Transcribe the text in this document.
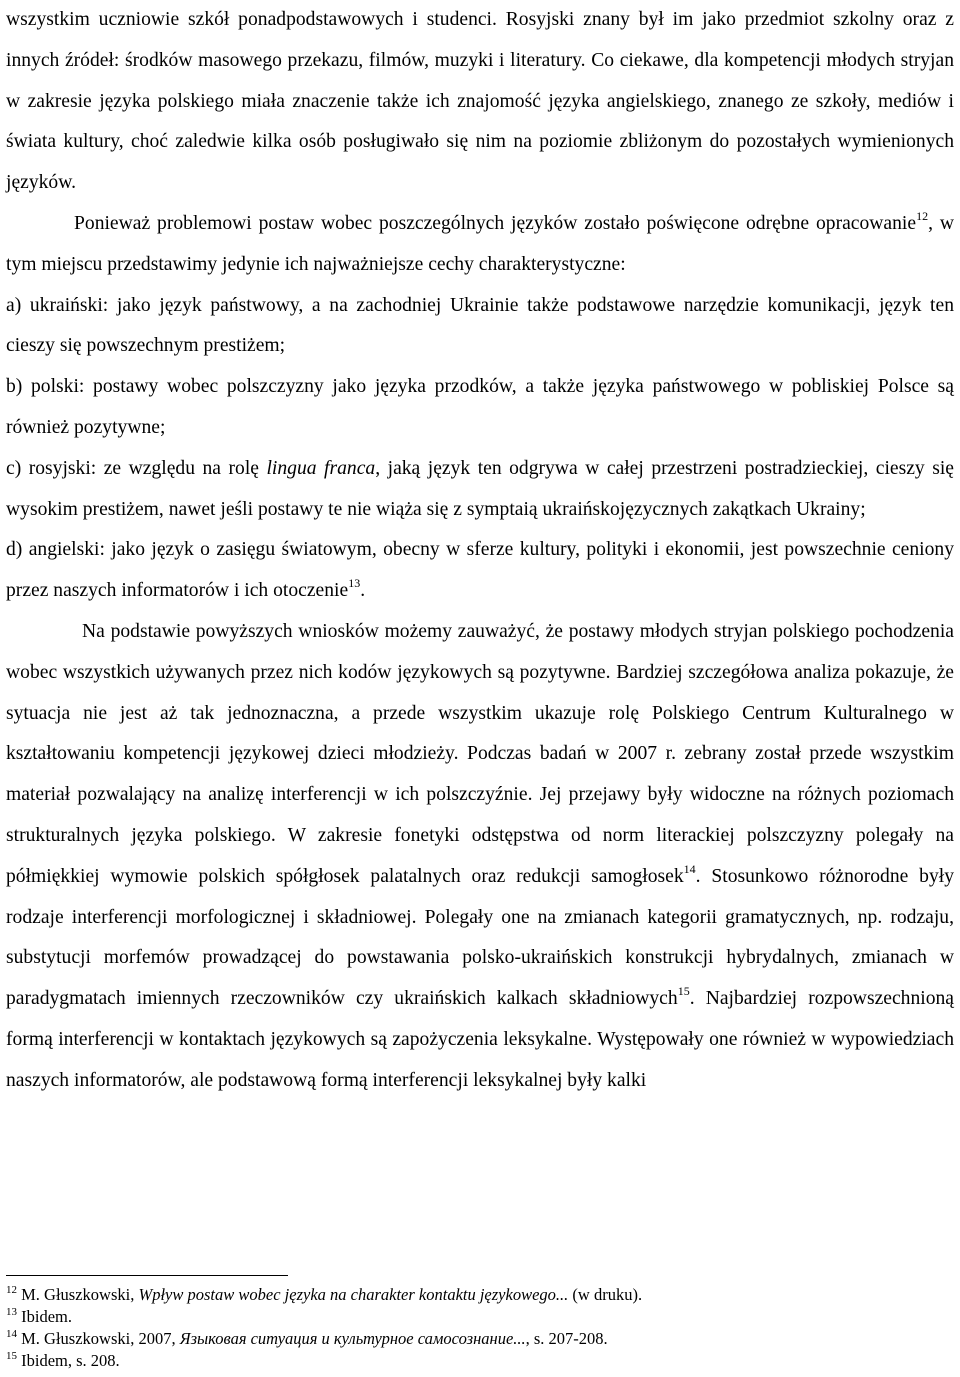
wszystkim uczniowie szkół ponadpodstawowych i studenci. Rosyjski znany był im jako przedmiot szkolny oraz z innych źródeł: środków masowego przekazu, filmów, muzyki i literatury. Co ciekawe, dla kompetencji młodych stryjan w zakresie języka polskiego miała znaczenie także ich znajomość języka angielskiego, znanego ze szkoły, mediów i świata kultury, choć zaledwie kilka osób posługiwało się nim na poziomie zbliżonym do pozostałych wymienionych języków.

Ponieważ problemowi postaw wobec poszczególnych języków zostało poświęcone odrębne opracowanie$^{12}$, w tym miejscu przedstawimy jedynie ich najważniejsze cechy charakterystyczne:

a) ukraiński: jako język państwowy, a na zachodniej Ukrainie także podstawowe narzędzie komunikacji, język ten cieszy się powszechnym prestiżem;

b) polski: postawy wobec polszczyzny jako języka przodków, a także języka państwowego w pobliskiej Polsce są również pozytywne;

c) rosyjski: ze względu na rolę lingua franca, jaką język ten odgrywa w całej przestrzeni postradzieckiej, cieszy się wysokim prestiżem, nawet jeśli postawy te nie wiąża się z symptaią ukraińskojęzycznych zakątkach Ukrainy;

d) angielski: jako język o zasięgu światowym, obecny w sferze kultury, polityki i ekonomii, jest powszechnie ceniony przez naszych informatorów i ich otoczenie$^{13}$.

Na podstawie powyższych wniosków możemy zauważyć, że postawy młodych stryjan polskiego pochodzenia wobec wszystkich używanych przez nich kodów językowych są pozytywne. Bardziej szczegółowa analiza pokazuje, że sytuacja nie jest aż tak jednoznaczna, a przede wszystkim ukazuje rolę Polskiego Centrum Kulturalnego w kształtowaniu kompetencji językowej dzieci młodzieży. Podczas badań w 2007 r. zebrany został przede wszystkim materiał pozwalający na analizę interferencji w ich polszczyźnie. Jej przejawy były widoczne na różnych poziomach strukturalnych języka polskiego. W zakresie fonetyki odstępstwa od norm literackiej polszczyzny polegały na półmiękkiej wymowie polskich spółgłosek palatalnych oraz redukcji samogłosek$^{14}$. Stosunkowo różnorodne były rodzaje interferencji morfologicznej i składniowej. Polegały one na zmianach kategorii gramatycznych, np. rodzaju, substytucji morfemów prowadzącej do powstawania polsko-ukraińskich konstrukcji hybrydalnych, zmianach w paradygmatach imiennych rzeczowników czy ukraińskich kalkach składniowych$^{15}$. Najbardziej rozpowszechnioną formą interferencji w kontaktach językowych są zapożyczenia leksykalne. Występowały one również w wypowiedziach naszych informatorów, ale podstawową formą interferencji leksykalnej były kalki

$^{12}$ M. Głuszkowski, Wpływ postaw wobec języka na charakter kontaktu językowego... (w druku).

$^{13}$ Ibidem.

$^{14}$ M. Głuszkowski, 2007, Языковая ситуация и культурное самосознание..., s. 207-208.

$^{15}$ Ibidem, s. 208.
